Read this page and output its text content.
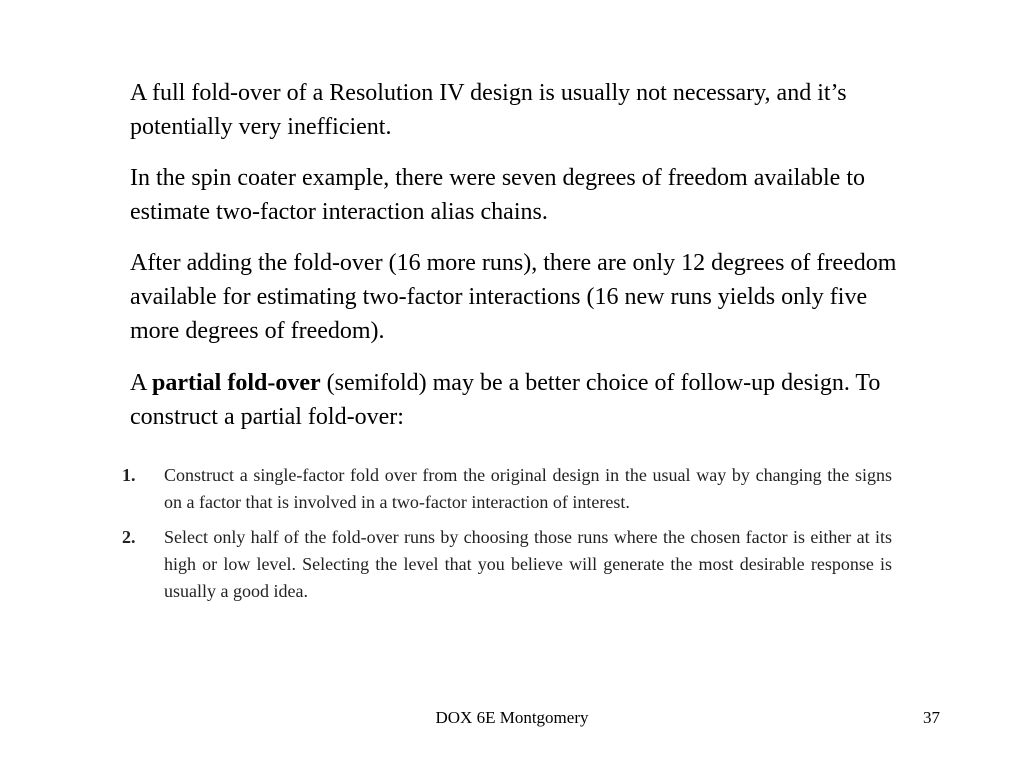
A full fold-over of a Resolution IV design is usually not necessary, and it’s potentially very inefficient.

In the spin coater example, there were seven degrees of freedom available to estimate two-factor interaction alias chains.

After adding the fold-over (16 more runs), there are only 12 degrees of freedom available for estimating two-factor interactions (16 new runs yields only five more degrees of freedom).

A partial fold-over (semifold) may be a better choice of follow-up design. To construct a partial fold-over:

1. Construct a single-factor fold over from the original design in the usual way by changing the signs on a factor that is involved in a two-factor interaction of interest.
2. Select only half of the fold-over runs by choosing those runs where the chosen factor is either at its high or low level. Selecting the level that you believe will generate the most desirable response is usually a good idea.
DOX 6E Montgomery	37
